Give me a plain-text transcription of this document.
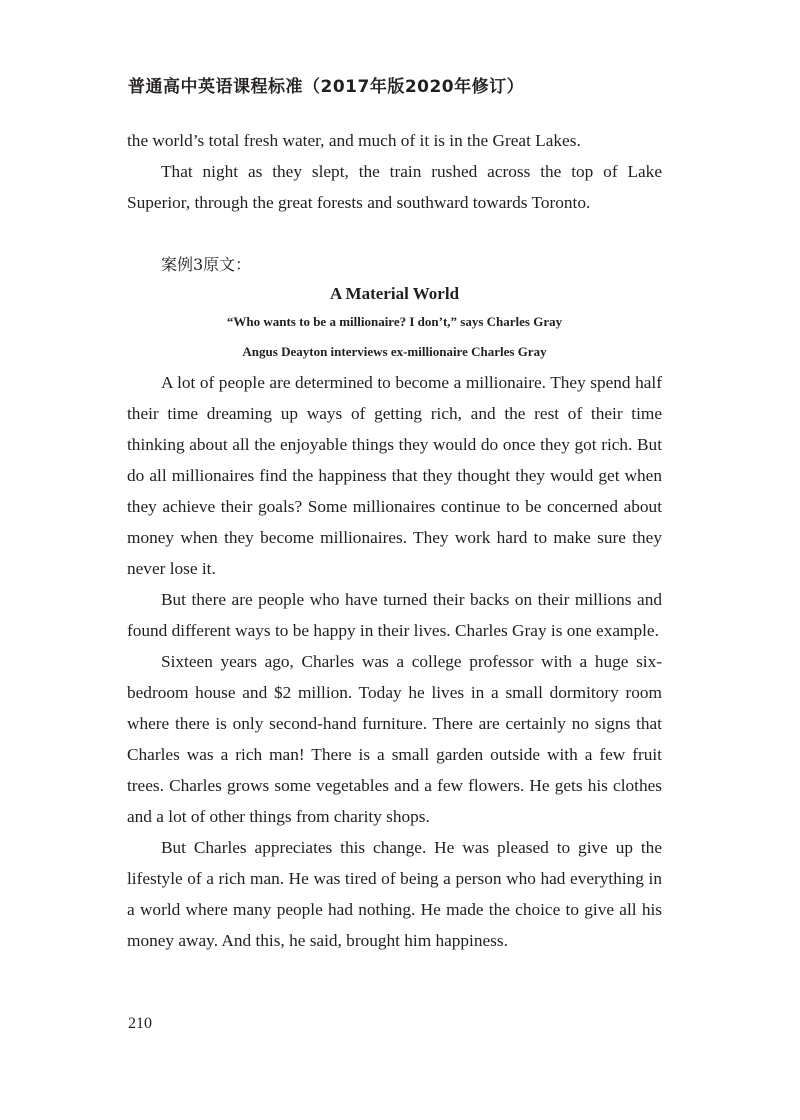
普通高中英语课程标准（2017年版2020年修订）

the world’s total fresh water, and much of it is in the Great Lakes.

That night as they slept, the train rushed across the top of Lake Superior, through the great forests and southward towards Toronto.

案例3原文：

A Material World

“Who wants to be a millionaire? I don’t,” says Charles Gray

Angus Deayton interviews ex-millionaire Charles Gray

A lot of people are determined to become a millionaire. They spend half their time dreaming up ways of getting rich, and the rest of their time thinking about all the enjoyable things they would do once they got rich. But do all millionaires find the happiness that they thought they would get when they achieve their goals? Some millionaires continue to be concerned about money when they become millionaires. They work hard to make sure they never lose it.

But there are people who have turned their backs on their millions and found different ways to be happy in their lives. Charles Gray is one example.

Sixteen years ago, Charles was a college professor with a huge six-bedroom house and $2 million. Today he lives in a small dormitory room where there is only second-hand furniture. There are certainly no signs that Charles was a rich man! There is a small garden outside with a few fruit trees. Charles grows some vegetables and a few flowers. He gets his clothes and a lot of other things from charity shops.

But Charles appreciates this change. He was pleased to give up the lifestyle of a rich man. He was tired of being a person who had everything in a world where many people had nothing. He made the choice to give all his money away. And this, he said, brought him happiness.

210
